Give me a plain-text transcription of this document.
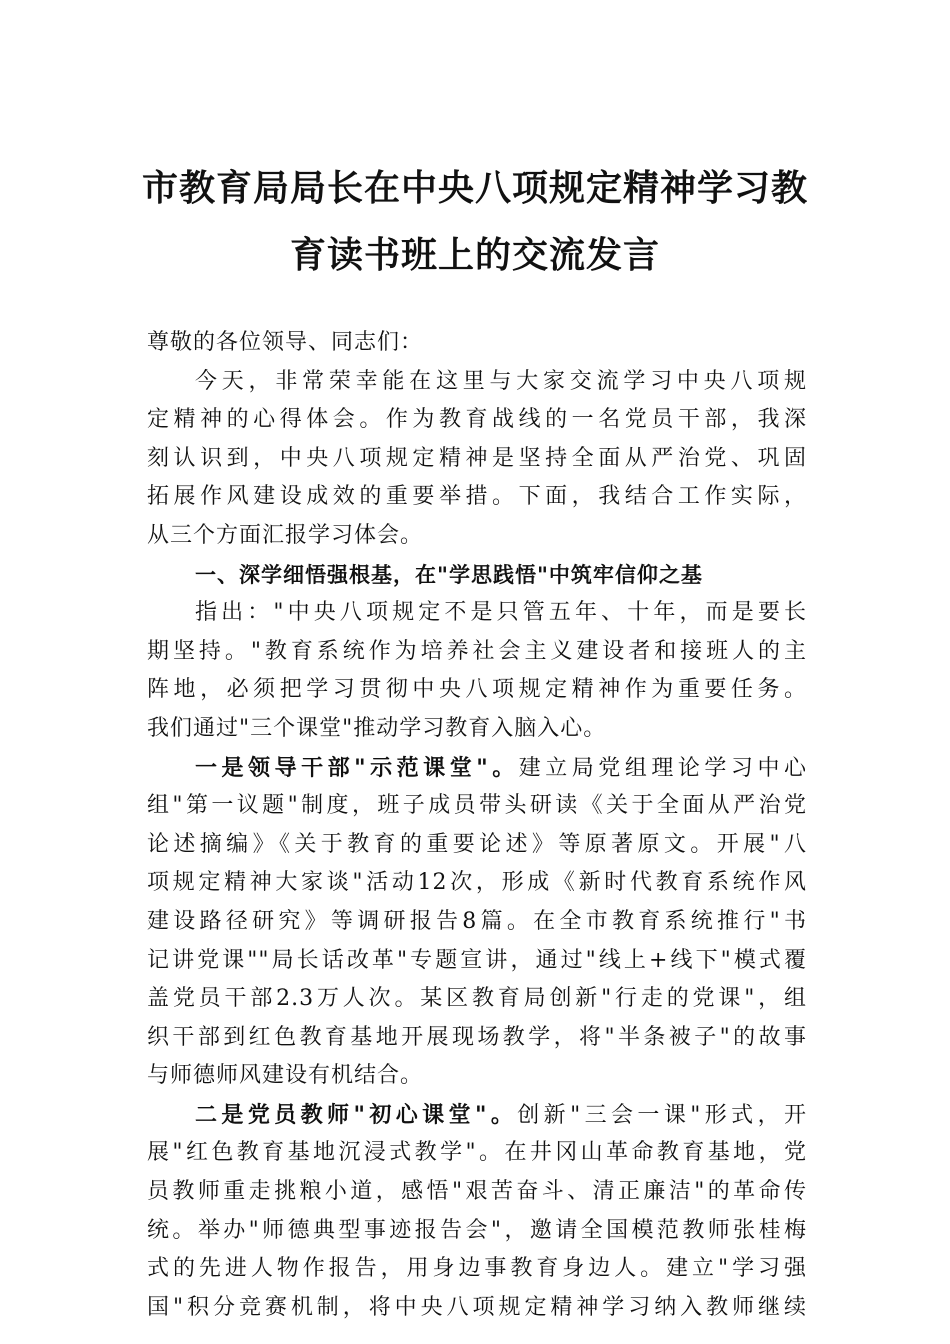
市教育局局长在中央八项规定精神学习教
育读书班上的交流发言
尊敬的各位领导、同志们：
今天，非常荣幸能在这里与大家交流学习中央八项规
定精神的心得体会。作为教育战线的一名党员干部，我深
刻认识到，中央八项规定精神是坚持全面从严治党、巩固
拓展作风建设成效的重要举措。下面，我结合工作实际，
从三个方面汇报学习体会。
一、深学细悟强根基，在"学思践悟"中筑牢信仰之基
指出："中央八项规定不是只管五年、十年，而是要长
期坚持。"教育系统作为培养社会主义建设者和接班人的主
阵地，必须把学习贯彻中央八项规定精神作为重要任务。
我们通过"三个课堂"推动学习教育入脑入心。
一是领导干部"示范课堂"。建立局党组理论学习中心
组"第一议题"制度，班子成员带头研读《关于全面从严治党
论述摘编》《关于教育的重要论述》等原著原文。开展"八
项规定精神大家谈"活动12次，形成《新时代教育系统作风
建设路径研究》等调研报告8篇。在全市教育系统推行"书
记讲党课""局长话改革"专题宣讲，通过"线上+线下"模式覆
盖党员干部2.3万人次。某区教育局创新"行走的党课"，组
织干部到红色教育基地开展现场教学，将"半条被子"的故事
与师德师风建设有机结合。
二是党员教师"初心课堂"。创新"三会一课"形式，开
展"红色教育基地沉浸式教学"。在井冈山革命教育基地，党
员教师重走挑粮小道，感悟"艰苦奋斗、清正廉洁"的革命传
统。举办"师德典型事迹报告会"，邀请全国模范教师张桂梅
式的先进人物作报告，用身边事教育身边人。建立"学习强
国"积分竞赛机制，将中央八项规定精神学习纳入教师继续
